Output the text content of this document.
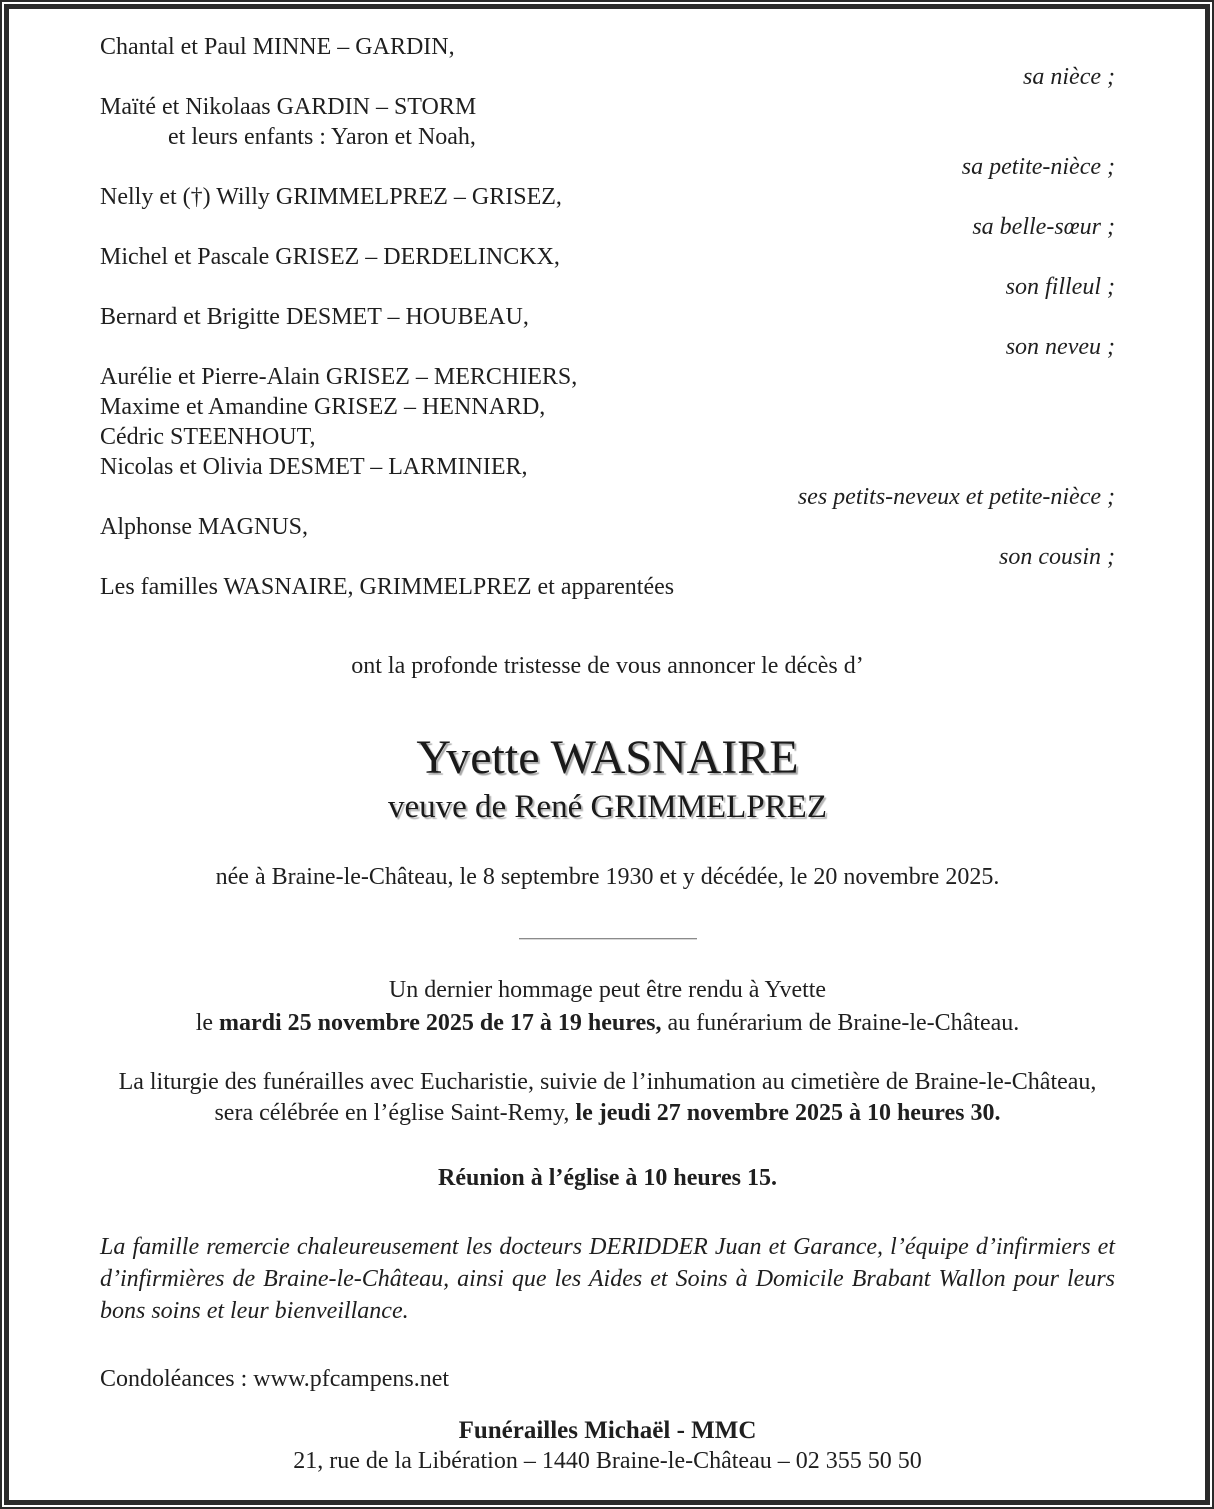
Chantal et Paul MINNE – GARDIN,
sa nièce ;
Maïté et Nikolaas GARDIN – STORM
et leurs enfants : Yaron et Noah,
sa petite-nièce ;
Nelly et (†) Willy GRIMMELPREZ – GRISEZ,
sa belle-sœur ;
Michel et Pascale GRISEZ – DERDELINCKX,
son filleul ;
Bernard et Brigitte DESMET – HOUBEAU,
son neveu ;
Aurélie et Pierre-Alain GRISEZ – MERCHIERS,
Maxime et Amandine GRISEZ – HENNARD,
Cédric STEENHOUT,
Nicolas et Olivia DESMET – LARMINIER,
ses petits-neveux et petite-nièce ;
Alphonse MAGNUS,
son cousin ;
Les familles WASNAIRE, GRIMMELPREZ et apparentées
ont la profonde tristesse de vous annoncer le décès d’
Yvette WASNAIRE
veuve de René GRIMMELPREZ
née à Braine-le-Château, le 8 septembre 1930 et y décédée, le 20 novembre 2025.
Un dernier hommage peut être rendu à Yvette
le mardi 25 novembre 2025 de 17 à 19 heures, au funérarium de Braine-le-Château.
La liturgie des funérailles avec Eucharistie, suivie de l’inhumation au cimetière de Braine-le-Château,
sera célébrée en l’église Saint-Remy, le jeudi 27 novembre 2025 à 10 heures 30.
Réunion à l’église à 10 heures 15.
La famille remercie chaleureusement les docteurs DERIDDER Juan et Garance, l’équipe d’infirmiers et d’infirmières de Braine-le-Château, ainsi que les Aides et Soins à Domicile Brabant Wallon pour leurs bons soins et leur bienveillance.
Condoléances : www.pfcampens.net
Funérailles Michaël - MMC
21, rue de la Libération – 1440 Braine-le-Château – 02 355 50 50
